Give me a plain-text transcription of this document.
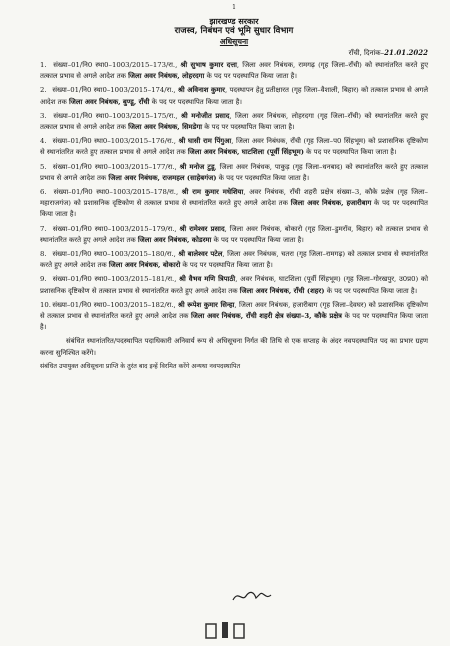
1
झारखण्ड सरकार
राजस्व, निबंधन एवं भूमि सुधार विभाग
अधिसूचना
राँची, दिनांक–21.01.2022

1. संख्या–01/नि0 स्था0–1003/2015–173/रा., श्री सुभाष कुमार दत्ता, जिला अवर निबंधक, रामगढ़ (गृह जिला–राँची) को स्थानांतरित करते हुए तत्काल प्रभाव से अगले आदेश तक जिला अवर निबंधक, लोहरदगा के पद पर पदस्थापित किया जाता है।

2. संख्या–01/नि0 स्था0–1003/2015–174/रा., श्री अविनाश कुमार, पदस्थापन हेतु प्रतीक्षारत (गृह जिला–वैशाली, बिहार) को तत्काल प्रभाव से अगले आदेश तक जिला अवर निबंधक, बुण्डू, राँची के पद पर पदस्थापित किया जाता है।

3. संख्या–01/नि0 स्था0–1003/2015–175/रा., श्री मनोजीत प्रसाद, जिला अवर निबंधक, लोहरदगा (गृह जिला–राँची) को स्थानांतरित करते हुए तत्काल प्रभाव से अगले आदेश तक जिला अवर निबंधक, सिमडेगा के पद पर पदस्थापित किया जाता है।

4. संख्या–01/नि0 स्था0–1003/2015–176/रा., श्री घासी राम पिंगुआ, जिला अवर निबंधक, राँची (गृह जिला–प0 सिंहभूम) को प्रशासनिक दृष्टिकोण से स्थानांतरित करते हुए तत्काल प्रभाव से अगले आदेश तक जिला अवर निबंधक, घाटशिला (पूर्वी सिंहभूम) के पद पर पदस्थापित किया जाता है।

5. संख्या–01/नि0 स्था0–1003/2015–177/रा., श्री मनोज टुडू, जिला अवर निबंधक, पाकुड़ (गृह जिला–धनबाद) को स्थानांतरित करते हुए तत्काल प्रभाव से अगले आदेश तक जिला अवर निबंधक, राजमहल (साहेबगंज) के पद पर पदस्थापित किया जाता है।

6. संख्या–01/नि0 स्था0–1003/2015–178/रा., श्री राम कुमार मधेशिया, अवर निबंधक, राँची शहरी प्रक्षेत्र संख्या–3, कौके प्रक्षेत्र (गृह जिला–महाराजगंज) को प्रशासनिक दृष्टिकोण से तत्काल प्रभाव से स्थानांतरित करते हुए अगले आदेश तक जिला अवर निबंधक, हजारीबाग के पद पर पदस्थापित किया जाता है।

7. संख्या–01/नि0 स्था0–1003/2015–179/रा., श्री रामेश्वर प्रसाद, जिला अवर निबंधक, बोकारो (गृह जिला–डुमरॉव, बिहार) को तत्काल प्रभाव से स्थानांतरित करते हुए अगले आदेश तक जिला अवर निबंधक, कोडरमा के पद पर पदस्थापित किया जाता है।

8. संख्या–01/नि0 स्था0–1003/2015–180/रा., श्री बालेश्वर पटेल, जिला अवर निबंधक, चतरा (गृह जिला–रामगढ़) को तत्काल प्रभाव से स्थानांतरित करते हुए अगले आदेश तक जिला अवर निबंधक, बोकारो के पद पर पदस्थापित किया जाता है।

9. संख्या–01/नि0 स्था0–1003/2015–181/रा., श्री वैभव मणि त्रिपाठी, अवर निबंधक, घाटशिला (पूर्वी सिंहभूम) (गृह जिला–गोरखपुर, उ0प्र0) को प्रशासनिक दृष्टिकोण से तत्काल प्रभाव से स्थानांतरित करते हुए अगले आदेश तक जिला अवर निबंधक, राँची (शहर) के पद पर पदस्थापित किया जाता है।

10. संख्या–01/नि0 स्था0–1003/2015–182/रा., श्री रूपेश कुमार सिन्हा, जिला अवर निबंधक, हजारीबाग (गृह जिला–देवघर) को प्रशासनिक दृष्टिकोण से तत्काल प्रभाव से स्थानांतरित करते हुए अगले आदेश तक जिला अवर निबंधक, राँची शहरी क्षेत्र संख्या–3, कौके प्रक्षेत्र के पद पर पदस्थापित किया जाता है।

संबंधित स्थानांतरित/पदस्थापित पदाधिकारी अनिवार्य रूप से अधिसूचना निर्गत की तिथि से एक सप्ताह के अंदर नवपदस्थापित पद का प्रभार ग्रहण करना सुनिश्चित करेंगे।

संबंधित उपायुक्त अधिसूचना प्राप्ति के तुरंत बाद इन्हें विरमित करेंगे अन्यथा नवपदस्थापित
